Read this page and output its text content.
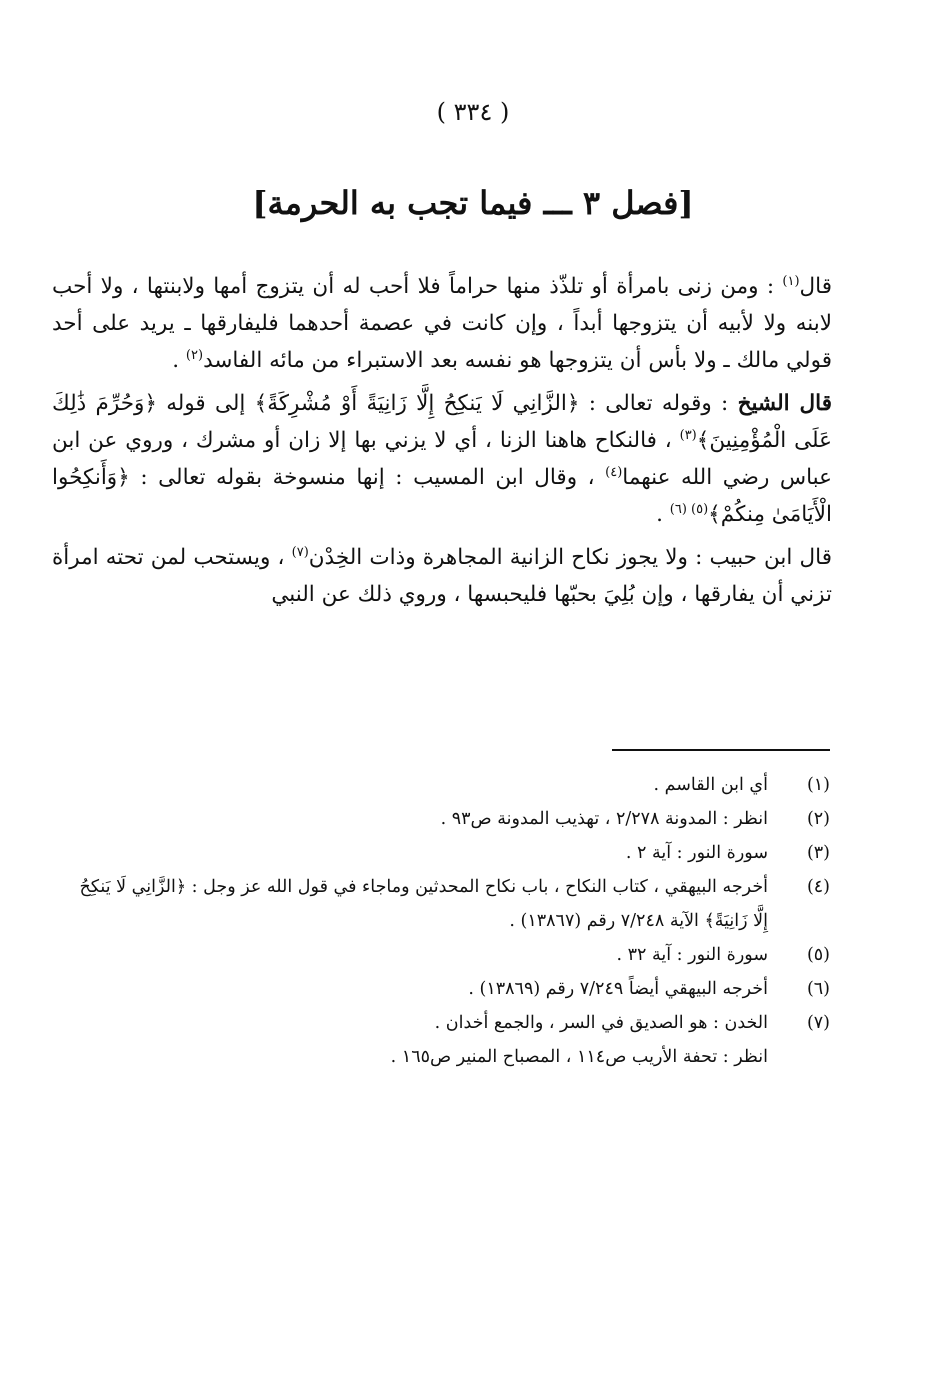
( ٣٣٤ )
[فصل ٣ ـــ فيما تجب به الحرمة]

قال$^{(١)}$ : ومن زنى بامرأة أو تلذّذ منها حراماً فلا أحب له أن يتزوج أمها ولابنتها ، ولا أحب لابنه ولا لأبيه أن يتزوجها أبداً ، وإن كانت في عصمة أحدهما فليفارقها ـ يريد على أحد قولي مالك ـ ولا بأس أن يتزوجها هو نفسه بعد الاستبراء من مائه الفاسد$^{(٢)}$ .

قال الشيخ : وقوله تعالى : ﴿الزَّانِي لَا يَنكِحُ إِلَّا زَانِيَةً أَوْ مُشْرِكَةً﴾ إلى قوله ﴿وَحُرِّمَ ذَٰلِكَ عَلَى الْمُؤْمِنِينَ﴾$^{(٣)}$ ، فالنكاح هاهنا الزنا ، أي لا يزني بها إلا زان أو مشرك ، وروي عن ابن عباس رضي الله عنهما$^{(٤)}$ ، وقال ابن المسيب : إنها منسوخة بقوله تعالى : ﴿وَأَنكِحُوا الْأَيَامَىٰ مِنكُمْ﴾$^{(٥) (٦)}$ .

قال ابن حبيب : ولا يجوز نكاح الزانية المجاهرة وذات الخِدْن$^{(٧)}$ ، ويستحب لمن تحته امرأة تزني أن يفارقها ، وإن بُلِيَ بحبّها فليحبسها ، وروي ذلك عن النبي

(١)
أي ابن القاسم .
(٢)
انظر : المدونة ٢/٢٧٨ ، تهذيب المدونة ص٩٣ .
(٣)
سورة النور : آية ٢ .
(٤)
أخرجه البيهقي ، كتاب النكاح ، باب نكاح المحدثين وماجاء في قول الله عز وجل : ﴿الزَّانِي لَا يَنكِحُ إِلَّا زَانِيَةً﴾ الآية ٧/٢٤٨ رقم (١٣٨٦٧) .
(٥)
سورة النور : آية ٣٢ .
(٦)
أخرجه البيهقي أيضاً ٧/٢٤٩ رقم (١٣٨٦٩) .
(٧)
الخدن : هو الصديق في السر ، والجمع أخدان .
انظر : تحفة الأريب ص١١٤ ، المصباح المنير ص١٦٥ .
